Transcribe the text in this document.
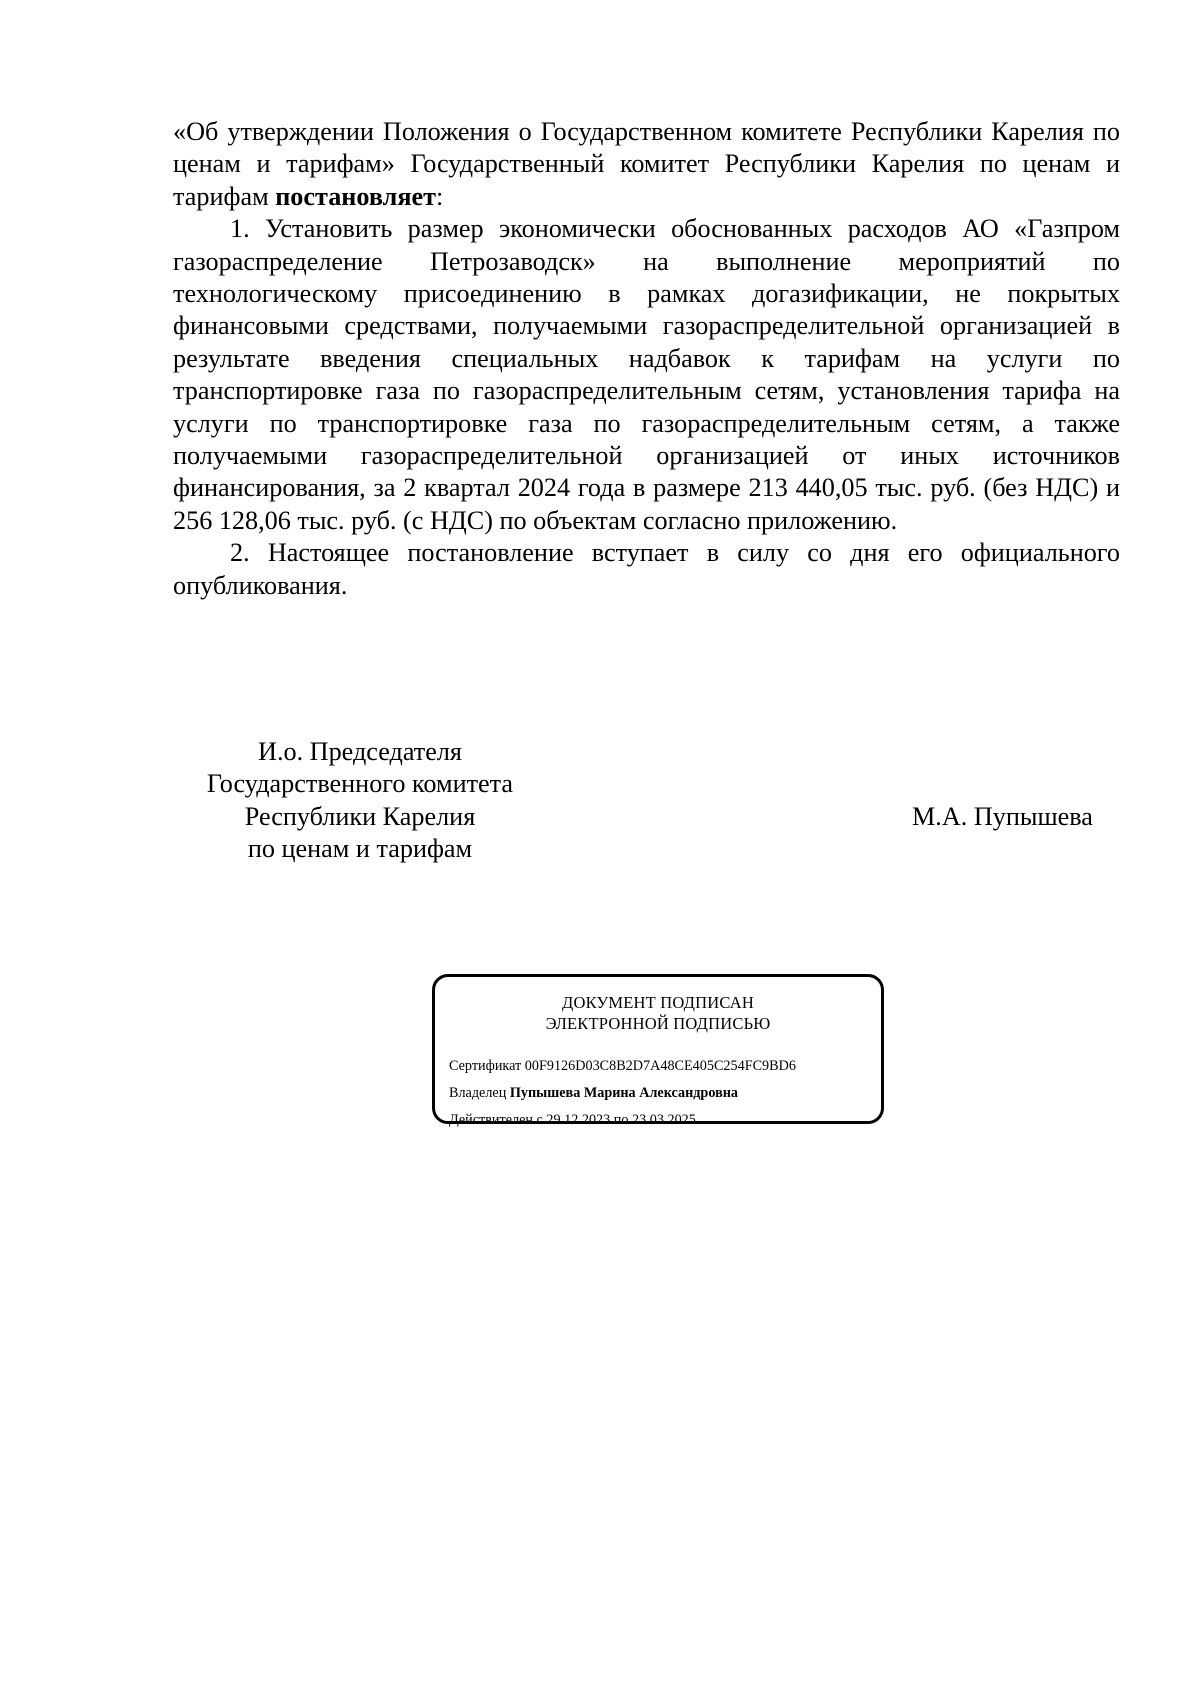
«Об утверждении Положения о Государственном комитете Республики Карелия по ценам и тарифам» Государственный комитет Республики Карелия по ценам и тарифам постановляет:

1. Установить размер экономически обоснованных расходов АО «Газпром газораспределение Петрозаводск» на выполнение мероприятий по технологическому присоединению в рамках догазификации, не покрытых финансовыми средствами, получаемыми газораспределительной организацией в результате введения специальных надбавок к тарифам на услуги по транспортировке газа по газораспределительным сетям, установления тарифа на услуги по транспортировке газа по газораспределительным сетям, а также получаемыми газораспределительной организацией от иных источников финансирования, за 2 квартал 2024 года в размере 213 440,05 тыс. руб. (без НДС) и 256 128,06 тыс. руб. (с НДС) по объектам согласно приложению.

2. Настоящее постановление вступает в силу со дня его официального опубликования.

И.о. Председателя
Государственного комитета
Республики Карелия
по ценам и тарифам
М.А. Пупышева
ДОКУМЕНТ ПОДПИСАН
ЭЛЕКТРОННОЙ ПОДПИСЬЮ
Сертификат 00F9126D03C8B2D7A48CE405C254FC9BD6
Владелец Пупышева Марина Александровна
Действителен с 29.12.2023 по 23.03.2025
